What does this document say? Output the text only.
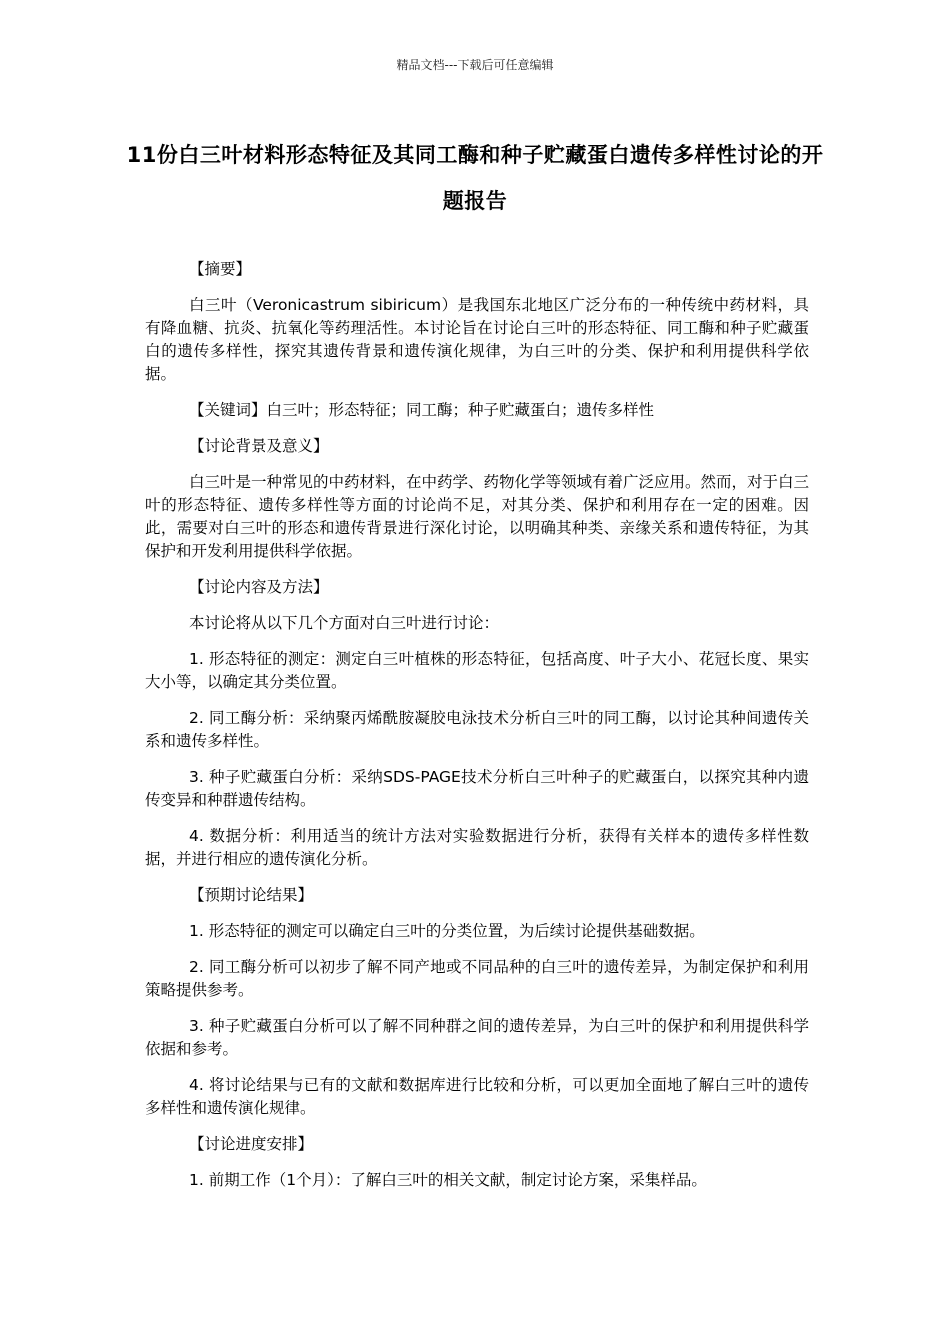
精品文档---下载后可任意编辑
11份白三叶材料形态特征及其同工酶和种子贮藏蛋白遗传多样性讨论的开题报告

【摘要】

白三叶（Veronicastrum sibiricum）是我国东北地区广泛分布的一种传统中药材料，具有降血糖、抗炎、抗氧化等药理活性。本讨论旨在讨论白三叶的形态特征、同工酶和种子贮藏蛋白的遗传多样性，探究其遗传背景和遗传演化规律，为白三叶的分类、保护和利用提供科学依据。

【关键词】白三叶；形态特征；同工酶；种子贮藏蛋白；遗传多样性

【讨论背景及意义】

白三叶是一种常见的中药材料，在中药学、药物化学等领域有着广泛应用。然而，对于白三叶的形态特征、遗传多样性等方面的讨论尚不足，对其分类、保护和利用存在一定的困难。因此，需要对白三叶的形态和遗传背景进行深化讨论，以明确其种类、亲缘关系和遗传特征，为其保护和开发利用提供科学依据。

【讨论内容及方法】

本讨论将从以下几个方面对白三叶进行讨论：

1. 形态特征的测定：测定白三叶植株的形态特征，包括高度、叶子大小、花冠长度、果实大小等，以确定其分类位置。

2. 同工酶分析：采纳聚丙烯酰胺凝胶电泳技术分析白三叶的同工酶，以讨论其种间遗传关系和遗传多样性。

3. 种子贮藏蛋白分析：采纳SDS-PAGE技术分析白三叶种子的贮藏蛋白，以探究其种内遗传变异和种群遗传结构。

4. 数据分析：利用适当的统计方法对实验数据进行分析，获得有关样本的遗传多样性数据，并进行相应的遗传演化分析。

【预期讨论结果】

1. 形态特征的测定可以确定白三叶的分类位置，为后续讨论提供基础数据。

2. 同工酶分析可以初步了解不同产地或不同品种的白三叶的遗传差异，为制定保护和利用策略提供参考。

3. 种子贮藏蛋白分析可以了解不同种群之间的遗传差异，为白三叶的保护和利用提供科学依据和参考。

4. 将讨论结果与已有的文献和数据库进行比较和分析，可以更加全面地了解白三叶的遗传多样性和遗传演化规律。

【讨论进度安排】

1. 前期工作（1个月）：了解白三叶的相关文献，制定讨论方案，采集样品。
